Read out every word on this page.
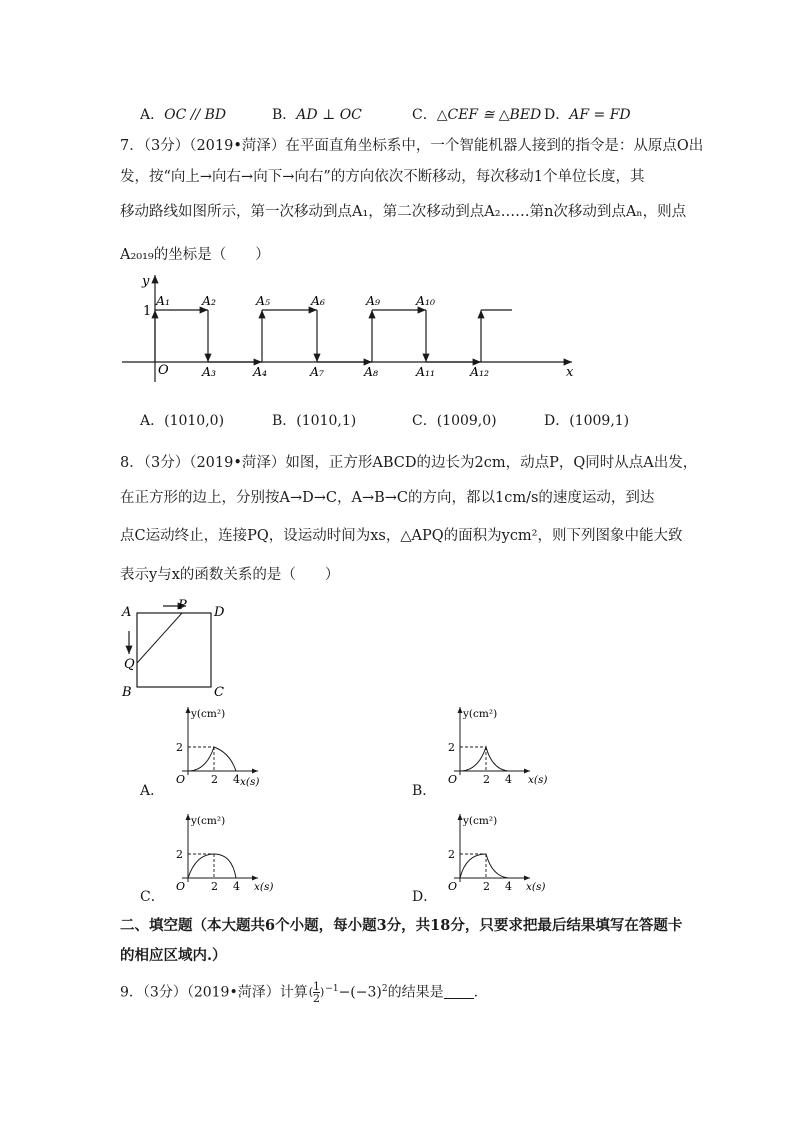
A．OC // BD	B．AD ⊥ OC	C．△CEF ≅ △BED D．AF = FD
7．（3分）（2019•菏泽）在平面直角坐标系中，一个智能机器人接到的指令是：从原点O出
发，按“向上→向右→向下→向右”的方向依次不断移动，每次移动1个单位长度，其
移动路线如图所示，第一次移动到点A₁，第二次移动到点A₂……第n次移动到点Aₙ，则点
A₂₀₁₉的坐标是（　　）
y
x
O
1
A₁	A₂	A₅	A₆	A₉	A₁₀
A₃	A₄	A₇	A₈	A₁₁	A₁₂
A．(1010,0)	B．(1010,1)	C．(1009,0)	D．(1009,1)
8．（3分）（2019•菏泽）如图，正方形ABCD的边长为2cm，动点P，Q同时从点A出发，
在正方形的边上，分别按A→D→C，A→B→C的方向，都以1cm/s的速度运动，到达
点C运动终止，连接PQ，设运动时间为xs，△APQ的面积为ycm²，则下列图象中能大致
表示y与x的函数关系的是（　　）
A	D
B	C
P
Q
y(cm²)
2
O 2 4 x(s)
A．
y(cm²)
2
O 2 4 x(s)
B．
y(cm²)
2
O 2 4 x(s)
C．
y(cm²)
2
O 2 4 x(s)
D．
二、填空题（本大题共6个小题，每小题3分，共18分，只要求把最后结果填写在答题卡
的相应区域内.）
9．（3分）（2019•菏泽）计算( $\frac{1}{2} )^{-1}-(-3)^2$的结果是 .
